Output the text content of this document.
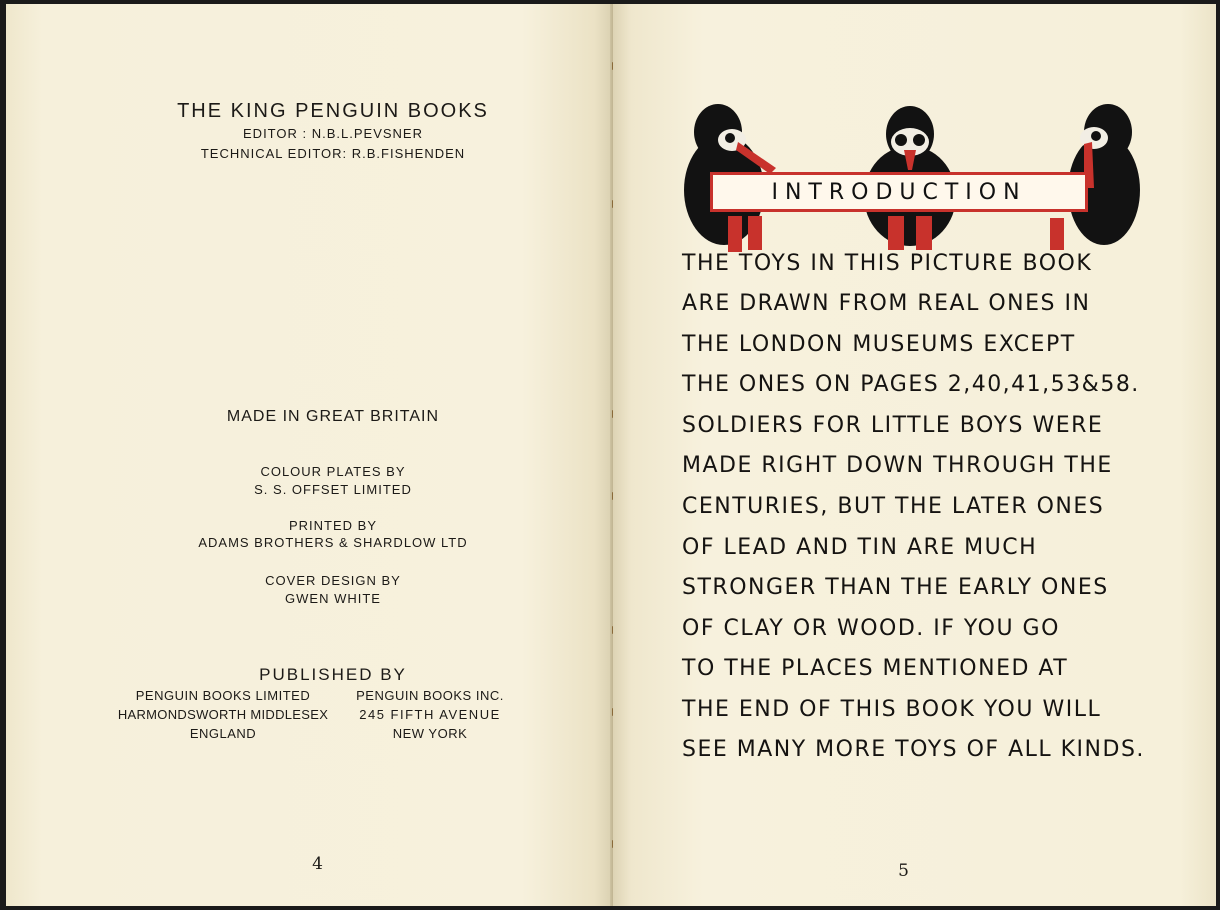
THE KING PENGUIN BOOKS
EDITOR : N.B.L.PEVSNER
TECHNICAL EDITOR: R.B.FISHENDEN
MADE IN GREAT BRITAIN
COLOUR PLATES BY
S. S. OFFSET LIMITED
PRINTED BY
ADAMS BROTHERS & SHARDLOW LTD
COVER DESIGN BY
GWEN WHITE
PUBLISHED BY
PENGUIN BOOKS LIMITED
HARMONDSWORTH MIDDLESEX
ENGLAND
PENGUIN BOOKS INC.
245 FIFTH AVENUE
NEW YORK
4
INTRODUCTION
THE TOYS IN THIS PICTURE BOOK
ARE DRAWN FROM REAL ONES IN
THE LONDON MUSEUMS EXCEPT
THE ONES ON PAGES 2,40,41,53&58.
SOLDIERS FOR LITTLE BOYS WERE
MADE RIGHT DOWN THROUGH THE
CENTURIES, BUT THE LATER ONES
OF LEAD AND TIN ARE MUCH
STRONGER THAN THE EARLY ONES
OF CLAY OR WOOD. IF YOU GO
TO THE PLACES MENTIONED AT
THE END OF THIS BOOK YOU WILL
SEE MANY MORE TOYS OF ALL KINDS.
5
